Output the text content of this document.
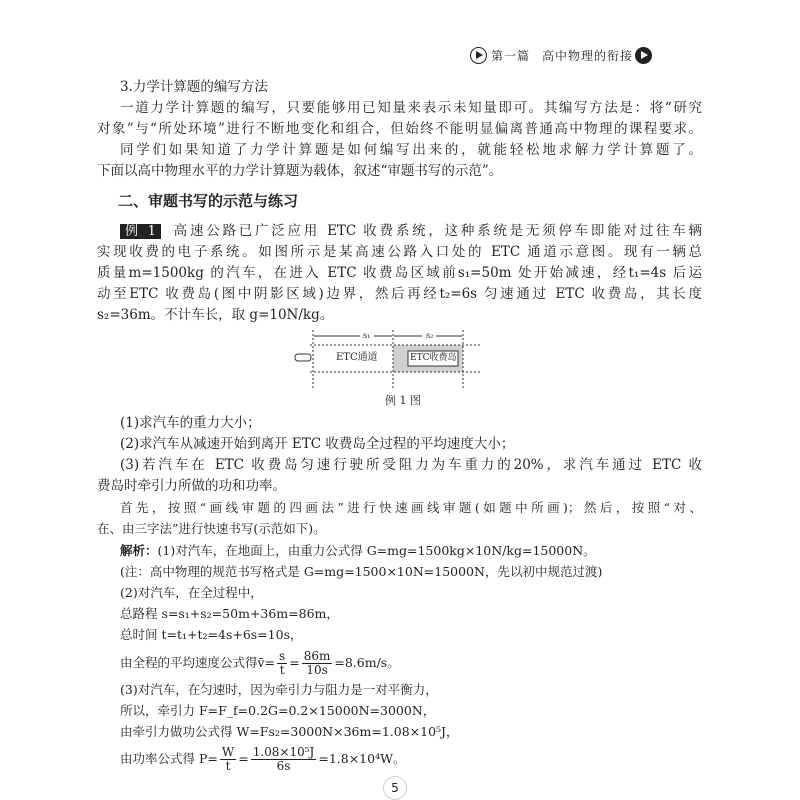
第一篇 高中物理的衔接
3.力学计算题的编写方法
一道力学计算题的编写，只要能够用已知量来表示未知量即可。其编写方法是：将“研究
对象”与“所处环境”进行不断地变化和组合，但始终不能明显偏离普通高中物理的课程要求。
同学们如果知道了力学计算题是如何编写出来的，就能轻松地求解力学计算题了。
下面以高中物理水平的力学计算题为载体，叙述“审题书写的示范”。
二、审题书写的示范与练习
例 1 高速公路已广泛应用 ETC 收费系统，这种系统是无须停车即能对过往车辆
实现收费的电子系统。如图所示是某高速公路入口处的 ETC 通道示意图。现有一辆总
质量m=1500kg 的汽车，在进入 ETC 收费岛区域前s₁=50m 处开始减速，经t₁=4s 后运
动至ETC 收费岛(图中阴影区域)边界，然后再经t₂=6s 匀速通过 ETC 收费岛，其长度
s₂=36m。不计车长，取 g=10N/kg。
s₁	s₂
ETC通道	ETC收费岛
例 1 图
(1)求汽车的重力大小；
(2)求汽车从减速开始到离开 ETC 收费岛全过程的平均速度大小；
(3)若汽车在 ETC 收费岛匀速行驶所受阻力为车重力的20%，求汽车通过 ETC 收
费岛时牵引力所做的功和功率。
首先，按照“画线审题的四画法”进行快速画线审题(如题中所画)；然后，按照“对、
在、由三字法”进行快速书写(示范如下)。
解析：(1)对汽车，在地面上，由重力公式得 G=mg=1500kg×10N/kg=15000N。
(注：高中物理的规范书写格式是 G=mg=1500×10N=15000N，先以初中规范过渡)
(2)对汽车，在全过程中，
总路程 s=s₁+s₂=50m+36m=86m，
总时间 t=t₁+t₂=4s+6s=10s，
由全程的平均速度公式得v̄= $\frac{s}{t} = \frac{86m}{10s} =8.6m/s$。
(3)对汽车，在匀速时，因为牵引力与阻力是一对平衡力，
所以，牵引力 F=F_f=0.2G=0.2×15000N=3000N，
由牵引力做功公式得 W=Fs₂=3000N×36m=1.08×10⁵J，
由功率公式得 $P= \frac{W}{t} = \frac{\text{1.08×10⁵J}}{6s} =1.8\times 10^4W$。
5
